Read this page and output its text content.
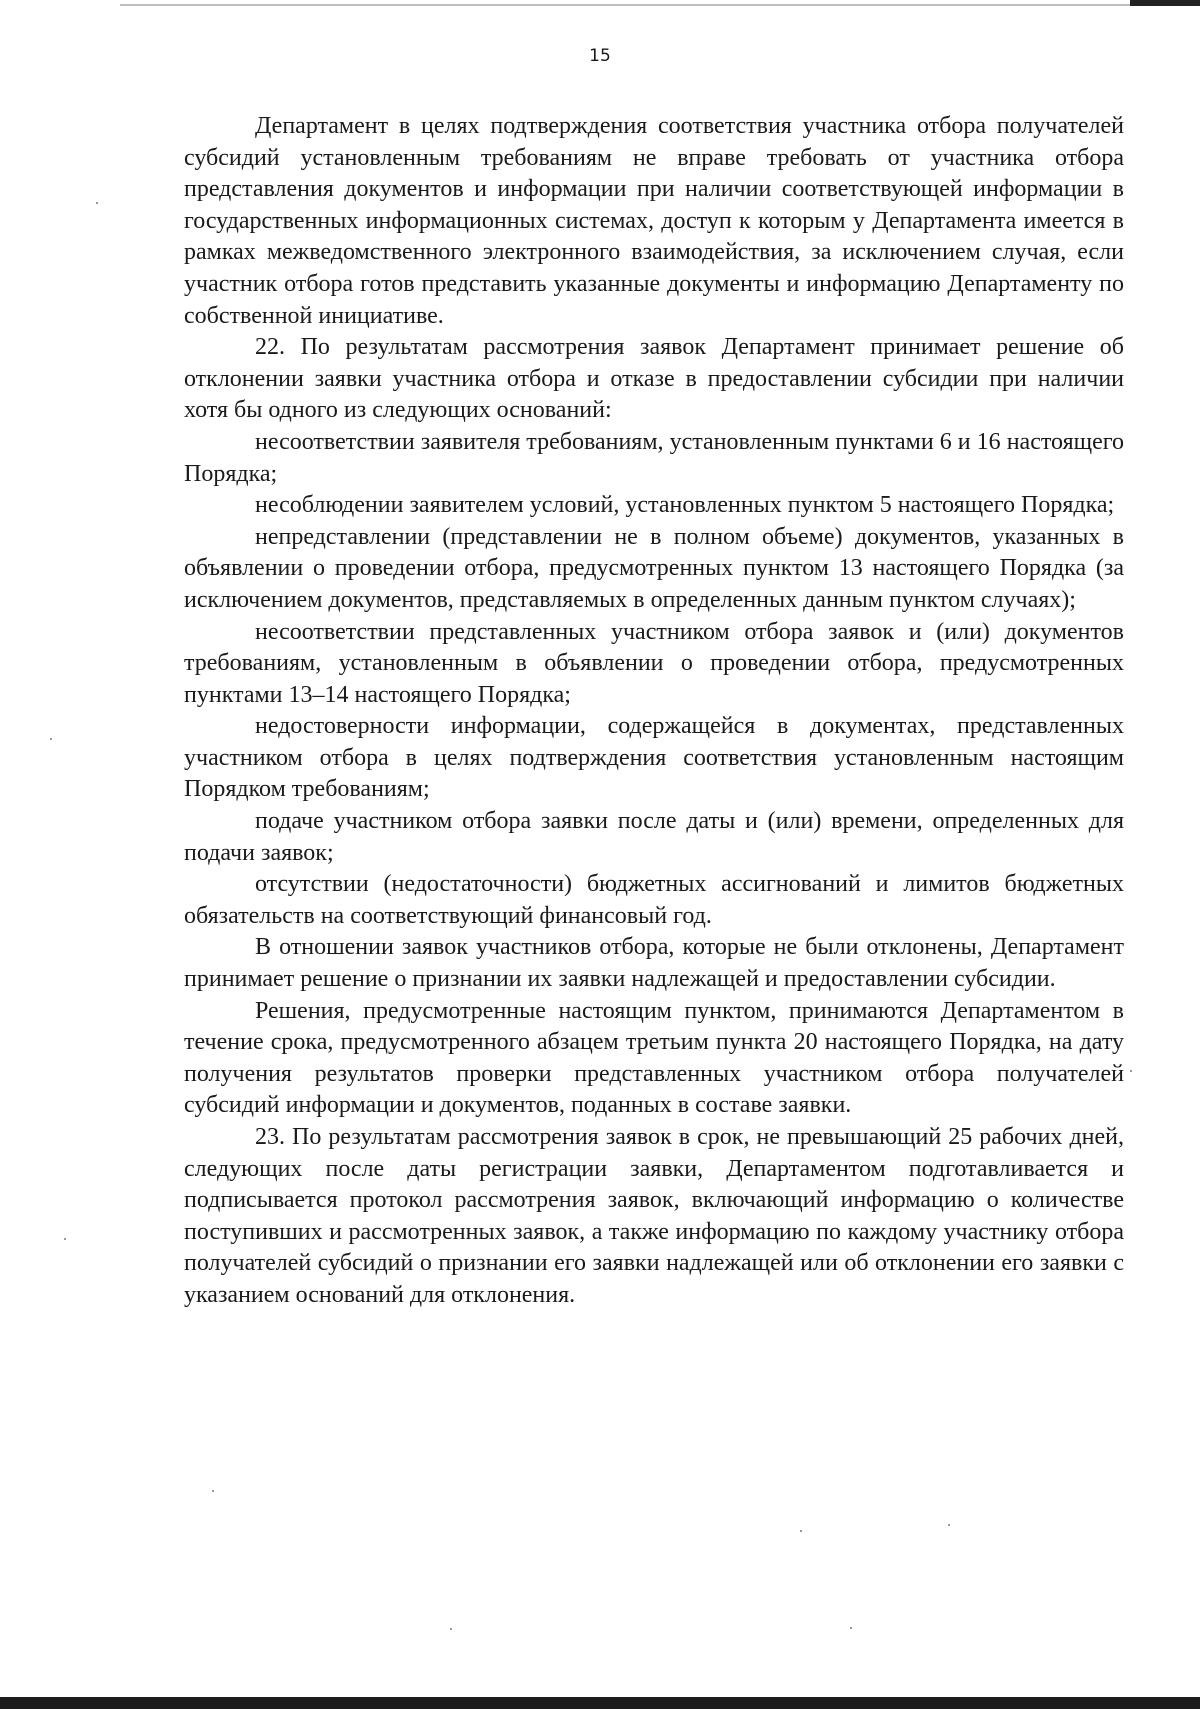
15

Департамент в целях подтверждения соответствия участника отбора получателей субсидий установленным требованиям не вправе требовать от участника отбора представления документов и информации при наличии соответствующей информации в государственных информационных системах, доступ к которым у Департамента имеется в рамках межведомственного электронного взаимодействия, за исключением случая, если участник отбора готов представить указанные документы и информацию Департаменту по собственной инициативе.

22. По результатам рассмотрения заявок Департамент принимает решение об отклонении заявки участника отбора и отказе в предоставлении субсидии при наличии хотя бы одного из следующих оснований:

несоответствии заявителя требованиям, установленным пунктами 6 и 16 настоящего Порядка;

несоблюдении заявителем условий, установленных пунктом 5 настоящего Порядка;

непредставлении (представлении не в полном объеме) документов, указанных в объявлении о проведении отбора, предусмотренных пунктом 13 настоящего Порядка (за исключением документов, представляемых в определенных данным пунктом случаях);

несоответствии представленных участником отбора заявок и (или) документов требованиям, установленным в объявлении о проведении отбора, предусмотренных пунктами 13–14 настоящего Порядка;

недостоверности информации, содержащейся в документах, представленных участником отбора в целях подтверждения соответствия установленным настоящим Порядком требованиям;

подаче участником отбора заявки после даты и (или) времени, определенных для подачи заявок;

отсутствии (недостаточности) бюджетных ассигнований и лимитов бюджетных обязательств на соответствующий финансовый год.

В отношении заявок участников отбора, которые не были отклонены, Департамент принимает решение о признании их заявки надлежащей и предоставлении субсидии.

Решения, предусмотренные настоящим пунктом, принимаются Департаментом в течение срока, предусмотренного абзацем третьим пункта 20 настоящего Порядка, на дату получения результатов проверки представленных участником отбора получателей субсидий информации и документов, поданных в составе заявки.

23. По результатам рассмотрения заявок в срок, не превышающий 25 рабочих дней, следующих после даты регистрации заявки, Департаментом подготавливается и подписывается протокол рассмотрения заявок, включающий информацию о количестве поступивших и рассмотренных заявок, а также информацию по каждому участнику отбора получателей субсидий о признании его заявки надлежащей или об отклонении его заявки с указанием оснований для отклонения.
